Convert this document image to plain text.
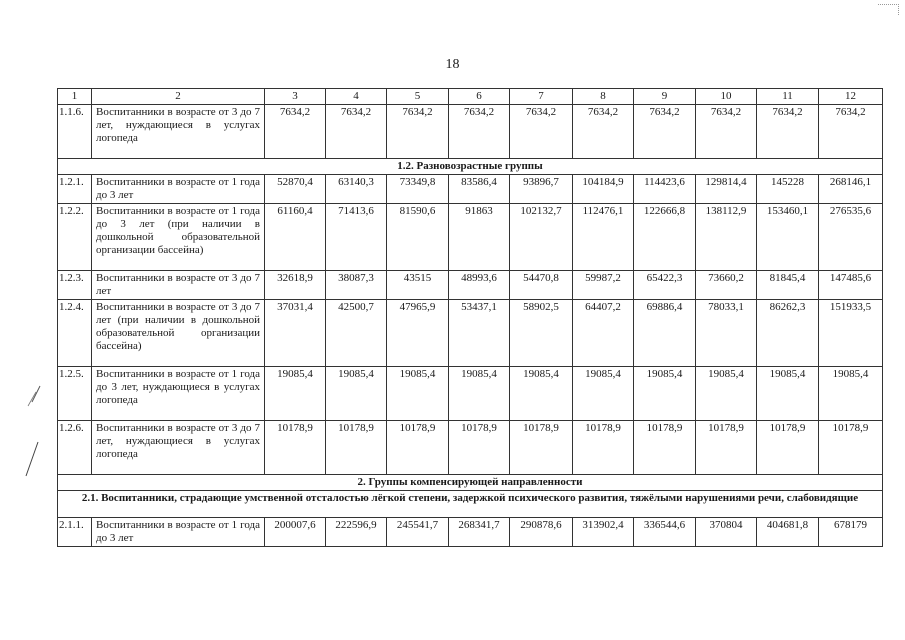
18
1	2	3	4	5	6	7	8	9	10	11	12
1.1.6.	Воспитанники в возрасте от 3 до 7 лет, нуждающиеся в услугах логопеда	7634,2	7634,2	7634,2	7634,2	7634,2	7634,2	7634,2	7634,2	7634,2	7634,2
1.2. Разновозрастные группы											
1.2.1.	Воспитанники в возрасте от 1 года до 3 лет	52870,4	63140,3	73349,8	83586,4	93896,7	104184,9	114423,6	129814,4	145228	268146,1
1.2.2.	Воспитанники в возрасте от 1 года до 3 лет (при наличии в дошкольной образовательной организации бассейна)	61160,4	71413,6	81590,6	91863	102132,7	112476,1	122666,8	138112,9	153460,1	276535,6
1.2.3.	Воспитанники в возрасте от 3 до 7 лет	32618,9	38087,3	43515	48993,6	54470,8	59987,2	65422,3	73660,2	81845,4	147485,6
1.2.4.	Воспитанники в возрасте от 3 до 7 лет (при наличии в дошкольной образовательной организации бассейна)	37031,4	42500,7	47965,9	53437,1	58902,5	64407,2	69886,4	78033,1	86262,3	151933,5
1.2.5.	Воспитанники в возрасте от 1 года до 3 лет, нуждающиеся в услугах логопеда	19085,4	19085,4	19085,4	19085,4	19085,4	19085,4	19085,4	19085,4	19085,4	19085,4
1.2.6.	Воспитанники в возрасте от 3 до 7 лет, нуждающиеся в услугах логопеда	10178,9	10178,9	10178,9	10178,9	10178,9	10178,9	10178,9	10178,9	10178,9	10178,9
2. Группы компенсирующей направленности											
2.1. Воспитанники, страдающие умственной отсталостью лёгкой степени, задержкой психического развития, тяжёлыми нарушениями речи, слабовидящие											
2.1.1.	Воспитанники в возрасте от 1 года до 3 лет	200007,6	222596,9	245541,7	268341,7	290878,6	313902,4	336544,6	370804	404681,8	678179
